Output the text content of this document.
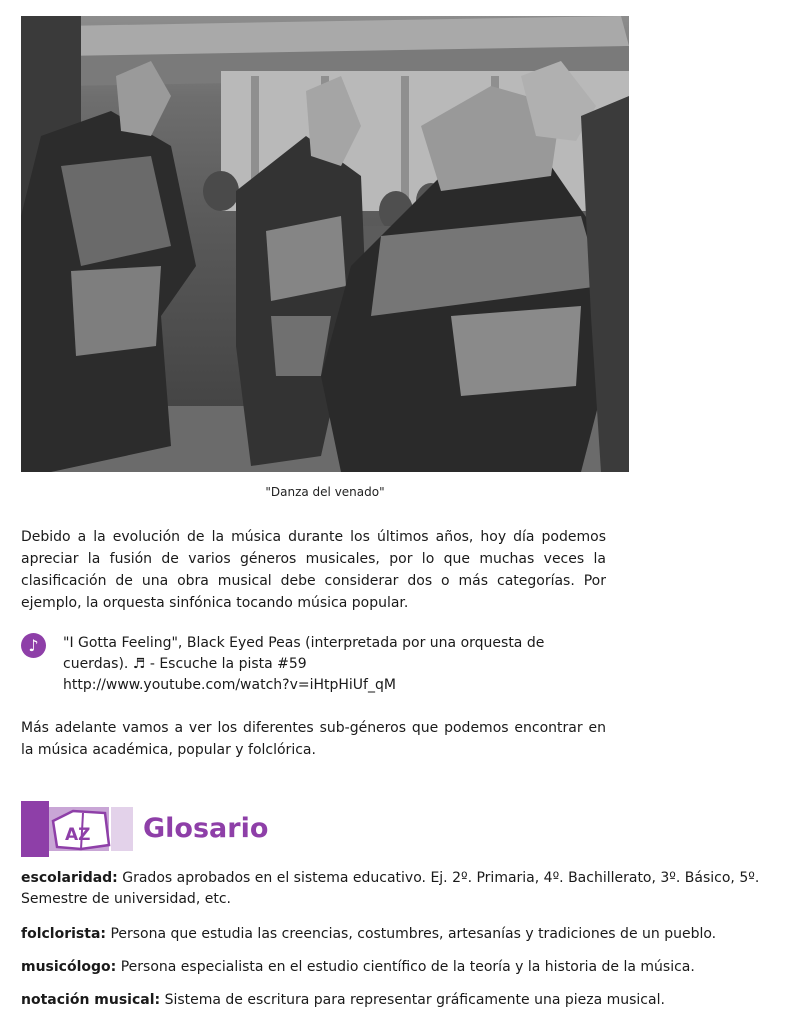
"Danza del venado"

Debido a la evolución de la música durante los últimos años, hoy día podemos apreciar la fusión de varios géneros musicales, por lo que muchas veces la clasificación de una obra musical debe considerar dos o más categorías. Por ejemplo, la orquesta sinfónica tocando música popular.

♪	"I Gotta Feeling", Black Eyed Peas (interpretada por una orquesta de
cuerdas). ♬ - Escuche la pista #59
http://www.youtube.com/watch?v=iHtpHiUf_qM

Más adelante vamos a ver los diferentes sub-géneros que podemos encontrar en la música académica, popular y folclórica.

AZ Glosario

escolaridad: Grados aprobados en el sistema educativo. Ej. 2º. Primaria, 4º. Bachillerato, 3º. Básico, 5º. Semestre de universidad, etc.

folclorista: Persona que estudia las creencias, costumbres, artesanías y tradiciones de un pueblo.

musicólogo: Persona especialista en el estudio científico de la teoría y la historia de la música.

notación musical: Sistema de escritura para representar gráficamente una pieza musical.
